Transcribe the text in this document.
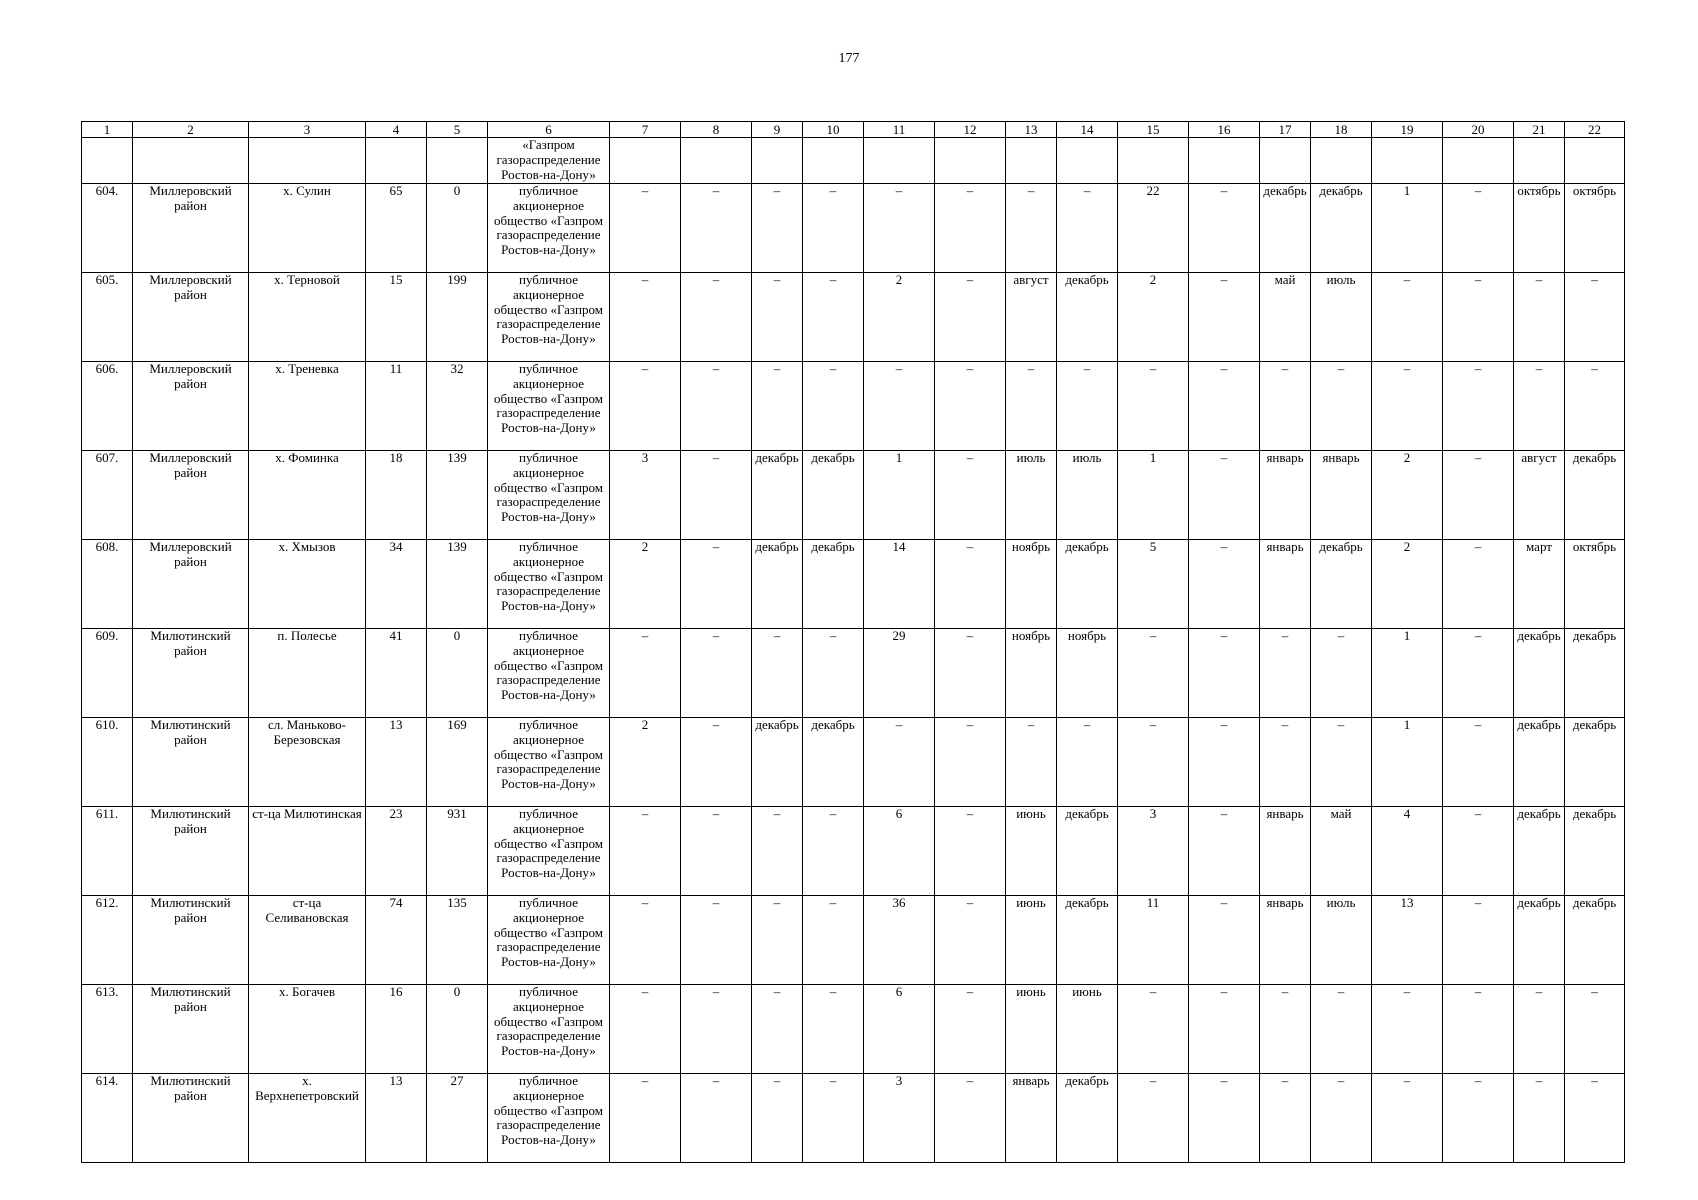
177
1	2	3	4	5	6	7	8	9	10	11	12	13	14	15	16	17	18	19	20	21	22
					«Газпром газораспределение Ростов-на-Дону»																
604.	Миллеровский район	х. Сулин	65	0	публичное акционерное общество «Газпром газораспределение Ростов-на-Дону»	–	–	–	–	–	–	–	–	22	–	декабрь	декабрь	1	–	октябрь	октябрь
605.	Миллеровский район	х. Терновой	15	199	публичное акционерное общество «Газпром газораспределение Ростов-на-Дону»	–	–	–	–	2	–	август	декабрь	2	–	май	июль	–	–	–	–
606.	Миллеровский район	х. Треневка	11	32	публичное акционерное общество «Газпром газораспределение Ростов-на-Дону»	–	–	–	–	–	–	–	–	–	–	–	–	–	–	–	–
607.	Миллеровский район	х. Фоминка	18	139	публичное акционерное общество «Газпром газораспределение Ростов-на-Дону»	3	–	декабрь	декабрь	1	–	июль	июль	1	–	январь	январь	2	–	август	декабрь
608.	Миллеровский район	х. Хмызов	34	139	публичное акционерное общество «Газпром газораспределение Ростов-на-Дону»	2	–	декабрь	декабрь	14	–	ноябрь	декабрь	5	–	январь	декабрь	2	–	март	октябрь
609.	Милютинский район	п. Полесье	41	0	публичное акционерное общество «Газпром газораспределение Ростов-на-Дону»	–	–	–	–	29	–	ноябрь	ноябрь	–	–	–	–	1	–	декабрь	декабрь
610.	Милютинский район	сл. Маньково-Березовская	13	169	публичное акционерное общество «Газпром газораспределение Ростов-на-Дону»	2	–	декабрь	декабрь	–	–	–	–	–	–	–	–	1	–	декабрь	декабрь
611.	Милютинский район	ст-ца Милютинская	23	931	публичное акционерное общество «Газпром газораспределение Ростов-на-Дону»	–	–	–	–	6	–	июнь	декабрь	3	–	январь	май	4	–	декабрь	декабрь
612.	Милютинский район	ст-ца Селивановская	74	135	публичное акционерное общество «Газпром газораспределение Ростов-на-Дону»	–	–	–	–	36	–	июнь	декабрь	11	–	январь	июль	13	–	декабрь	декабрь
613.	Милютинский район	х. Богачев	16	0	публичное акционерное общество «Газпром газораспределение Ростов-на-Дону»	–	–	–	–	6	–	июнь	июнь	–	–	–	–	–	–	–	–
614.	Милютинский район	х. Верхнепетровский	13	27	публичное акционерное общество «Газпром газораспределение Ростов-на-Дону»	–	–	–	–	3	–	январь	декабрь	–	–	–	–	–	–	–	–
